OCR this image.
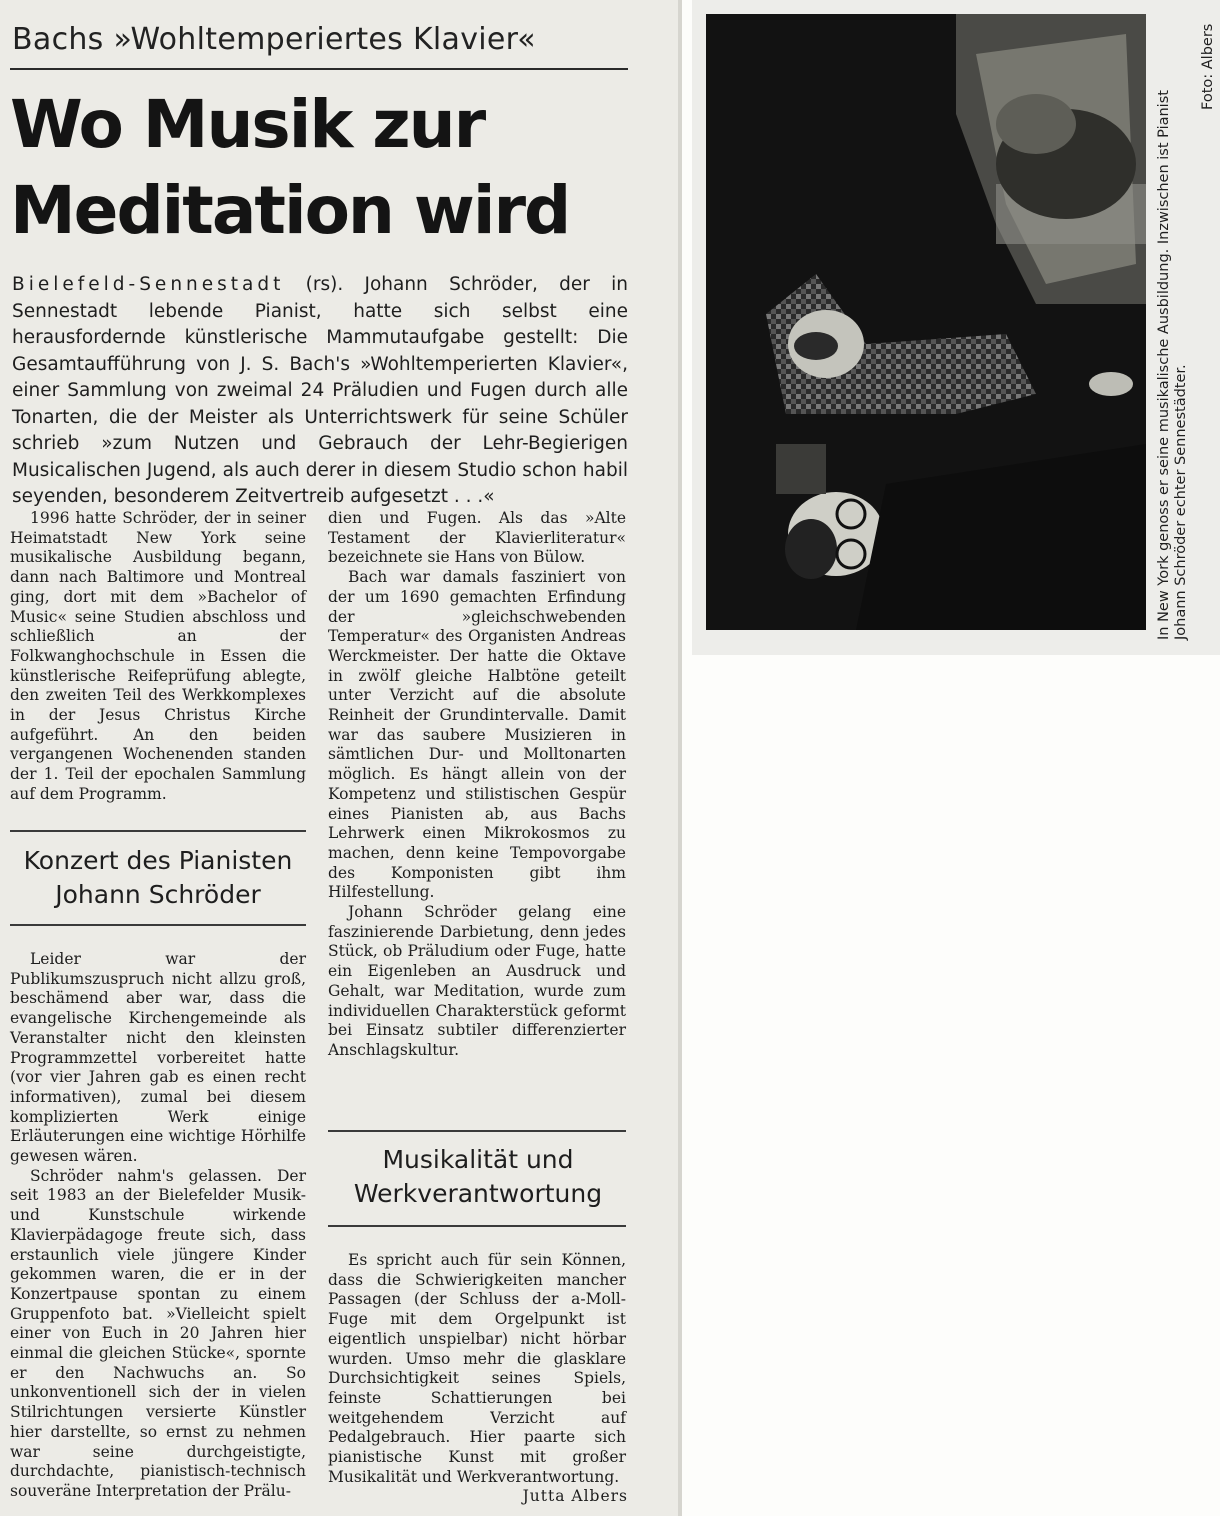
Bachs »Wohltemperiertes Klavier«
Wo Musik zur
Meditation wird
Bielefeld-Sennestadt (rs). Johann Schröder, der in Sennestadt lebende Pianist, hatte sich selbst eine herausfordernde künstlerische Mammutaufgabe gestellt: Die Gesamtaufführung von J. S. Bach's »Wohltemperierten Klavier«, einer Sammlung von zweimal 24 Präludien und Fugen durch alle Tonarten, die der Meister als Unterrichtswerk für seine Schüler schrieb »zum Nutzen und Gebrauch der Lehr-Begierigen Musicalischen Jugend, als auch derer in diesem Studio schon habil seyenden, besonderem Zeitvertreib aufgesetzt . . .«

1996 hatte Schröder, der in seiner Heimatstadt New York seine musikalische Ausbildung begann, dann nach Baltimore und Montreal ging, dort mit dem »Bachelor of Music« seine Studien abschloss und schließlich an der Folkwanghochschule in Essen die künstlerische Reifeprüfung ablegte, den zweiten Teil des Werkkomplexes in der Jesus Christus Kirche aufgeführt. An den beiden vergangenen Wochenenden standen der 1. Teil der epochalen Sammlung auf dem Programm.

Konzert des Pianisten
Johann Schröder

Leider war der Publikumszuspruch nicht allzu groß, beschämend aber war, dass die evangelische Kirchengemeinde als Veranstalter nicht den kleinsten Programmzettel vorbereitet hatte (vor vier Jahren gab es einen recht informativen), zumal bei diesem komplizierten Werk einige Erläuterungen eine wichtige Hörhilfe gewesen wären.

Schröder nahm's gelassen. Der seit 1983 an der Bielefelder Musik- und Kunstschule wirkende Klavierpädagoge freute sich, dass erstaunlich viele jüngere Kinder gekommen waren, die er in der Konzertpause spontan zu einem Gruppenfoto bat. »Vielleicht spielt einer von Euch in 20 Jahren hier einmal die gleichen Stücke«, spornte er den Nachwuchs an. So unkonventionell sich der in vielen Stilrichtungen versierte Künstler hier darstellte, so ernst zu nehmen war seine durchgeistigte, durchdachte, pianistisch-technisch souveräne Interpretation der Prälu-

dien und Fugen. Als das »Alte Testament der Klavierliteratur« bezeichnete sie Hans von Bülow.

Bach war damals fasziniert von der um 1690 gemachten Erfindung der »gleichschwebenden Temperatur« des Organisten Andreas Werckmeister. Der hatte die Oktave in zwölf gleiche Halbtöne geteilt unter Verzicht auf die absolute Reinheit der Grundintervalle. Damit war das saubere Musizieren in sämtlichen Dur- und Molltonarten möglich. Es hängt allein von der Kompetenz und stilistischen Gespür eines Pianisten ab, aus Bachs Lehrwerk einen Mikrokosmos zu machen, denn keine Tempovorgabe des Komponisten gibt ihm Hilfestellung.

Johann Schröder gelang eine faszinierende Darbietung, denn jedes Stück, ob Präludium oder Fuge, hatte ein Eigenleben an Ausdruck und Gehalt, war Meditation, wurde zum individuellen Charakterstück geformt bei Einsatz subtiler differenzierter Anschlagskultur.

Musikalität und
Werkverantwortung

Es spricht auch für sein Können, dass die Schwierigkeiten mancher Passagen (der Schluss der a-Moll-Fuge mit dem Orgelpunkt ist eigentlich unspielbar) nicht hörbar wurden. Umso mehr die glasklare Durchsichtigkeit seines Spiels, feinste Schattierungen bei weitgehendem Verzicht auf Pedalgebrauch. Hier paarte sich pianistische Kunst mit großer Musikalität und Werkverantwortung.

Jutta Albers
In New York genoss er seine musikalische Ausbildung. Inzwischen ist Pianist Johann Schröder echter Sennestädter.
Foto: Albers
